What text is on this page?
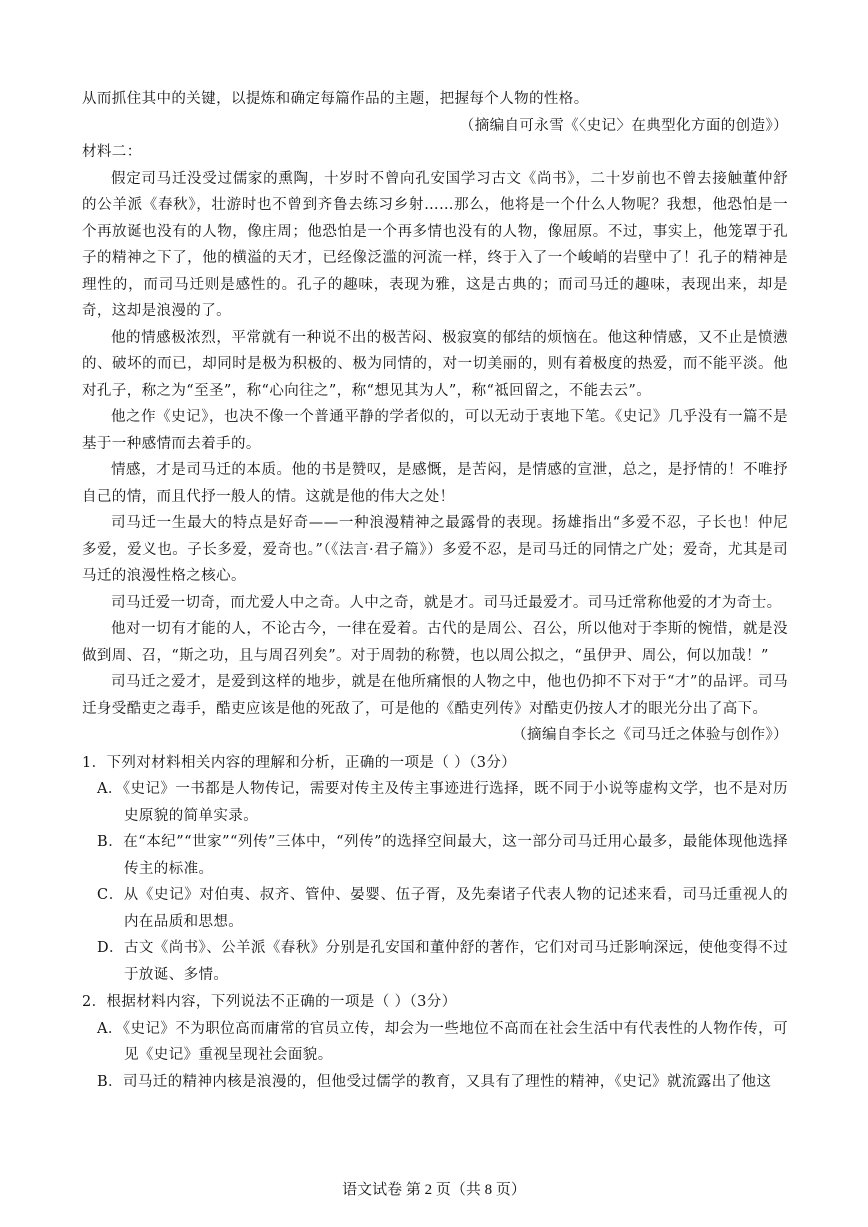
从而抓住其中的关键，以提炼和确定每篇作品的主题，把握每个人物的性格。

（摘编自可永雪《〈史记〉在典型化方面的创造》）

材料二：

假定司马迁没受过儒家的熏陶，十岁时不曾向孔安国学习古文《尚书》，二十岁前也不曾去接触董仲舒的公羊派《春秋》，壮游时也不曾到齐鲁去练习乡射……那么，他将是一个什么人物呢？我想，他恐怕是一个再放诞也没有的人物，像庄周；他恐怕是一个再多情也没有的人物，像屈原。不过，事实上，他笼罩于孔子的精神之下了，他的横溢的天才，已经像泛滥的河流一样，终于入了一个峻峭的岩壁中了！孔子的精神是理性的，而司马迁则是感性的。孔子的趣味，表现为雅，这是古典的；而司马迁的趣味，表现出来，却是奇，这却是浪漫的了。

他的情感极浓烈，平常就有一种说不出的极苦闷、极寂寞的郁结的烦恼在。他这种情感，又不止是愤懑的、破坏的而已，却同时是极为积极的、极为同情的，对一切美丽的，则有着极度的热爱，而不能平淡。他对孔子，称之为“至圣”，称“心向往之”，称“想见其为人”，称“祗回留之，不能去云”。

他之作《史记》，也决不像一个普通平静的学者似的，可以无动于衷地下笔。《史记》几乎没有一篇不是基于一种感情而去着手的。

情感，才是司马迁的本质。他的书是赞叹，是感慨，是苦闷，是情感的宣泄，总之，是抒情的！不唯抒自己的情，而且代抒一般人的情。这就是他的伟大之处！

司马迁一生最大的特点是好奇——一种浪漫精神之最露骨的表现。扬雄指出“多爱不忍，子长也！仲尼多爱，爱义也。子长多爱，爱奇也。”（《法言·君子篇》）多爱不忍，是司马迁的同情之广处；爱奇，尤其是司马迁的浪漫性格之核心。

司马迁爱一切奇，而尤爱人中之奇。人中之奇，就是才。司马迁最爱才。司马迁常称他爱的才为奇士。

他对一切有才能的人，不论古今，一律在爱着。古代的是周公、召公，所以他对于李斯的惋惜，就是没做到周、召，“斯之功，且与周召列矣”。对于周勃的称赞，也以周公拟之，“虽伊尹、周公，何以加哉！”

司马迁之爱才，是爱到这样的地步，就是在他所痛恨的人物之中，他也仍抑不下对于“才”的品评。司马迁身受酷吏之毒手，酷吏应该是他的死敌了，可是他的《酷吏列传》对酷吏仍按人才的眼光分出了高下。

（摘编自李长之《司马迁之体验与创作》）

1．下列对材料相关内容的理解和分析，正确的一项是（ ）（3分）

A．《史记》一书都是人物传记，需要对传主及传主事迹进行选择，既不同于小说等虚构文学，也不是对历史原貌的简单实录。

B．在“本纪”“世家”“列传”三体中，“列传”的选择空间最大，这一部分司马迁用心最多，最能体现他选择传主的标准。

C．从《史记》对伯夷、叔齐、管仲、晏婴、伍子胥，及先秦诸子代表人物的记述来看，司马迁重视人的内在品质和思想。

D．古文《尚书》、公羊派《春秋》分别是孔安国和董仲舒的著作，它们对司马迁影响深远，使他变得不过于放诞、多情。

2．根据材料内容，下列说法不正确的一项是（ ）（3分）

A．《史记》不为职位高而庸常的官员立传，却会为一些地位不高而在社会生活中有代表性的人物作传，可见《史记》重视呈现社会面貌。

B．司马迁的精神内核是浪漫的，但他受过儒学的教育，又具有了理性的精神，《史记》就流露出了他这

语文试卷 第 2 页（共 8 页）
